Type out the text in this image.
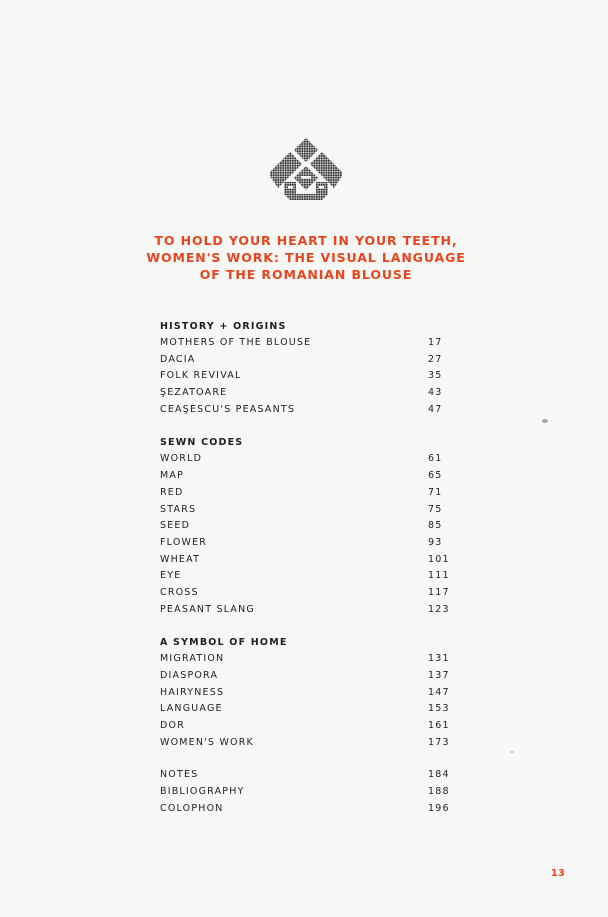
TO HOLD YOUR HEART IN YOUR TEETH,
WOMEN'S WORK: THE VISUAL LANGUAGE
OF THE ROMANIAN BLOUSE
HISTORY + ORIGINS
MOTHERS OF THE BLOUSE	17
DACIA	27
FOLK REVIVAL	35
ŞEZATOARE	43
CEAŞESCU'S PEASANTS	47
SEWN CODES
WORLD	61
MAP	65
RED	71
STARS	75
SEED	85
FLOWER	93
WHEAT	101
EYE	111
CROSS	117
PEASANT SLANG	123
A SYMBOL OF HOME
MIGRATION	131
DIASPORA	137
HAIRYNESS	147
LANGUAGE	153
DOR	161
WOMEN'S WORK	173
NOTES	184
BIBLIOGRAPHY	188
COLOPHON	196
13
